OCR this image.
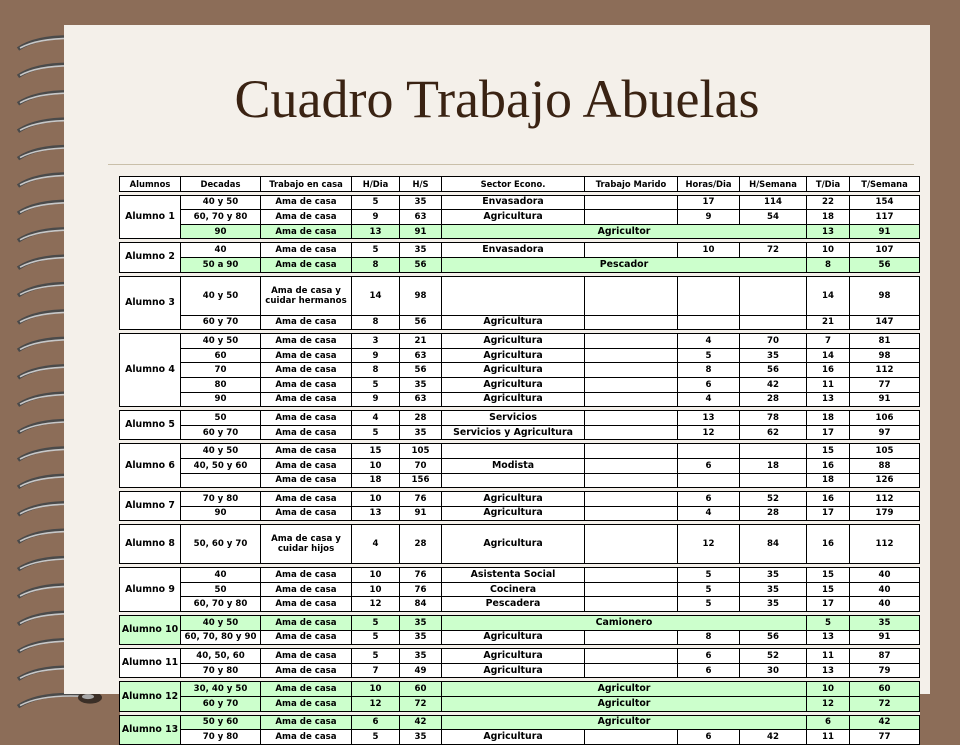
Cuadro Trabajo Abuelas
Alumnos	Decadas	Trabajo en casa	H/Dia	H/S	Sector Econo.	Trabajo Marido	Horas/Dia	H/Semana	T/Dia	T/Semana

Alumno 1	40 y 50	Ama de casa	5	35	Envasadora		17	114	22	154
	60, 70 y 80	Ama de casa	9	63	Agricultura		9	54	18	117
	90	Ama de casa	13	91	Agricultor				13	91

Alumno 2	40	Ama de casa	5	35	Envasadora		10	72	10	107
	50 a 90	Ama de casa	8	56	Pescador				8	56

Alumno 3	40 y 50	Ama de casa y cuidar hermanos	14	98					14	98
	60 y 70	Ama de casa	8	56	Agricultura				21	147

Alumno 4	40 y 50	Ama de casa	3	21	Agricultura		4	70	7	81
	60	Ama de casa	9	63	Agricultura		5	35	14	98
	70	Ama de casa	8	56	Agricultura		8	56	16	112
	80	Ama de casa	5	35	Agricultura		6	42	11	77
	90	Ama de casa	9	63	Agricultura		4	28	13	91

Alumno 5	50	Ama de casa	4	28	Servicios		13	78	18	106
	60 y 70	Ama de casa	5	35	Servicios y Agricultura		12	62	17	97

Alumno 6	40 y 50	Ama de casa	15	105					15	105
	40, 50 y 60	Ama de casa	10	70	Modista		6	18	16	88
		Ama de casa	18	156					18	126

Alumno 7	70 y 80	Ama de casa	10	76	Agricultura		6	52	16	112
	90	Ama de casa	13	91	Agricultura		4	28	17	179

Alumno 8	50, 60 y 70	Ama de casa y cuidar hijos	4	28	Agricultura		12	84	16	112

Alumno 9	40	Ama de casa	10	76	Asistenta Social		5	35	15	40
	50	Ama de casa	10	76	Cocinera		5	35	15	40
	60, 70 y 80	Ama de casa	12	84	Pescadera		5	35	17	40

Alumno 10	40 y 50	Ama de casa	5	35	Camionero				5	35
	60, 70, 80 y 90	Ama de casa	5	35	Agricultura		8	56	13	91

Alumno 11	40, 50, 60	Ama de casa	5	35	Agricultura		6	52	11	87
	70 y 80	Ama de casa	7	49	Agricultura		6	30	13	79

Alumno 12	30, 40 y 50	Ama de casa	10	60	Agricultor				10	60
	60 y 70	Ama de casa	12	72	Agricultor				12	72

Alumno 13	50 y 60	Ama de casa	6	42	Agricultor				6	42
	70 y 80	Ama de casa	5	35	Agricultura		6	42	11	77
